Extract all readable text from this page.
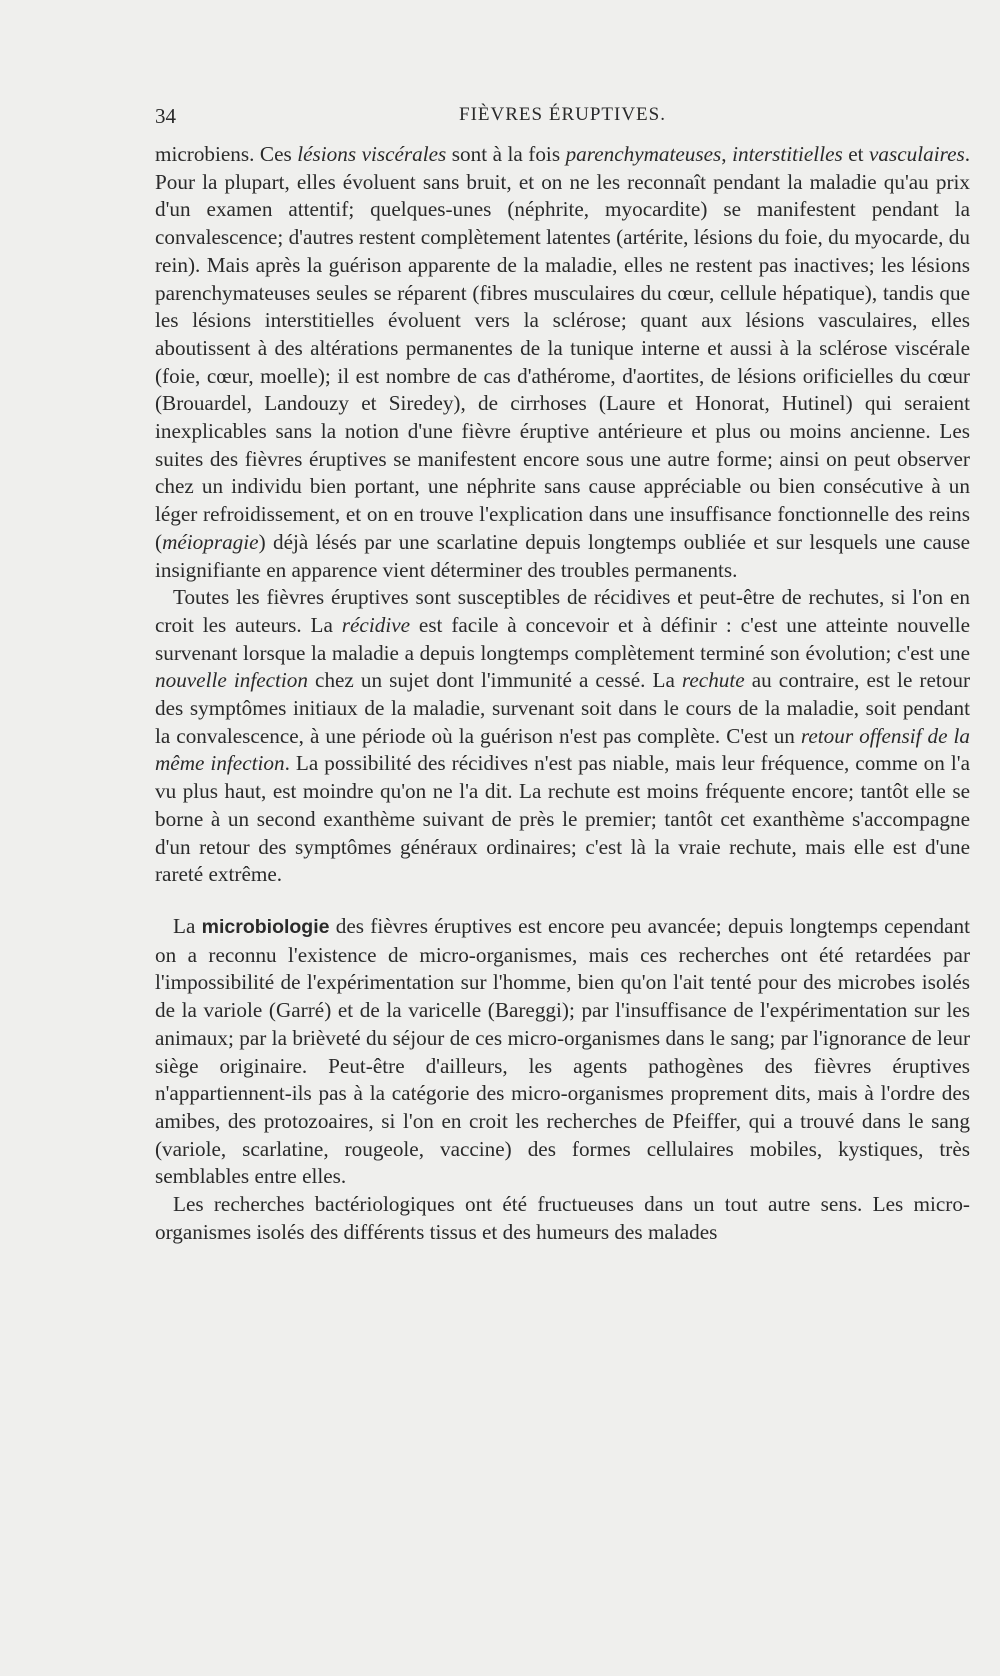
34	FIÈVRES ÉRUPTIVES.

microbiens. Ces lésions viscérales sont à la fois parenchymateuses, interstitielles et vasculaires. Pour la plupart, elles évoluent sans bruit, et on ne les reconnaît pendant la maladie qu'au prix d'un examen attentif; quelques-unes (néphrite, myocardite) se manifestent pendant la convalescence; d'autres restent complètement latentes (artérite, lésions du foie, du myocarde, du rein). Mais après la guérison apparente de la maladie, elles ne restent pas inactives; les lésions parenchymateuses seules se réparent (fibres musculaires du cœur, cellule hépatique), tandis que les lésions interstitielles évoluent vers la sclérose; quant aux lésions vasculaires, elles aboutissent à des altérations permanentes de la tunique interne et aussi à la sclérose viscérale (foie, cœur, moelle); il est nombre de cas d'athérome, d'aortites, de lésions orificielles du cœur (Brouardel, Landouzy et Siredey), de cirrhoses (Laure et Honorat, Hutinel) qui seraient inexplicables sans la notion d'une fièvre éruptive antérieure et plus ou moins ancienne. Les suites des fièvres éruptives se manifestent encore sous une autre forme; ainsi on peut observer chez un individu bien portant, une néphrite sans cause appréciable ou bien consécutive à un léger refroidissement, et on en trouve l'explication dans une insuffisance fonctionnelle des reins (méiopragie) déjà lésés par une scarlatine depuis longtemps oubliée et sur lesquels une cause insignifiante en apparence vient déterminer des troubles permanents.

Toutes les fièvres éruptives sont susceptibles de récidives et peut-être de rechutes, si l'on en croit les auteurs. La récidive est facile à concevoir et à définir : c'est une atteinte nouvelle survenant lorsque la maladie a depuis longtemps complètement terminé son évolution; c'est une nouvelle infection chez un sujet dont l'immunité a cessé. La rechute au contraire, est le retour des symptômes initiaux de la maladie, survenant soit dans le cours de la maladie, soit pendant la convalescence, à une période où la guérison n'est pas complète. C'est un retour offensif de la même infection. La possibilité des récidives n'est pas niable, mais leur fréquence, comme on l'a vu plus haut, est moindre qu'on ne l'a dit. La rechute est moins fréquente encore; tantôt elle se borne à un second exanthème suivant de près le premier; tantôt cet exanthème s'accompagne d'un retour des symptômes généraux ordinaires; c'est là la vraie rechute, mais elle est d'une rareté extrême.

La microbiologie des fièvres éruptives est encore peu avancée; depuis longtemps cependant on a reconnu l'existence de micro-organismes, mais ces recherches ont été retardées par l'impossibilité de l'expérimentation sur l'homme, bien qu'on l'ait tenté pour des microbes isolés de la variole (Garré) et de la varicelle (Bareggi); par l'insuffisance de l'expérimentation sur les animaux; par la brièveté du séjour de ces micro-organismes dans le sang; par l'ignorance de leur siège originaire. Peut-être d'ailleurs, les agents pathogènes des fièvres éruptives n'appartiennent-ils pas à la catégorie des micro-organismes proprement dits, mais à l'ordre des amibes, des protozoaires, si l'on en croit les recherches de Pfeiffer, qui a trouvé dans le sang (variole, scarlatine, rougeole, vaccine) des formes cellulaires mobiles, kystiques, très semblables entre elles.

Les recherches bactériologiques ont été fructueuses dans un tout autre sens. Les micro-organismes isolés des différents tissus et des humeurs des malades
